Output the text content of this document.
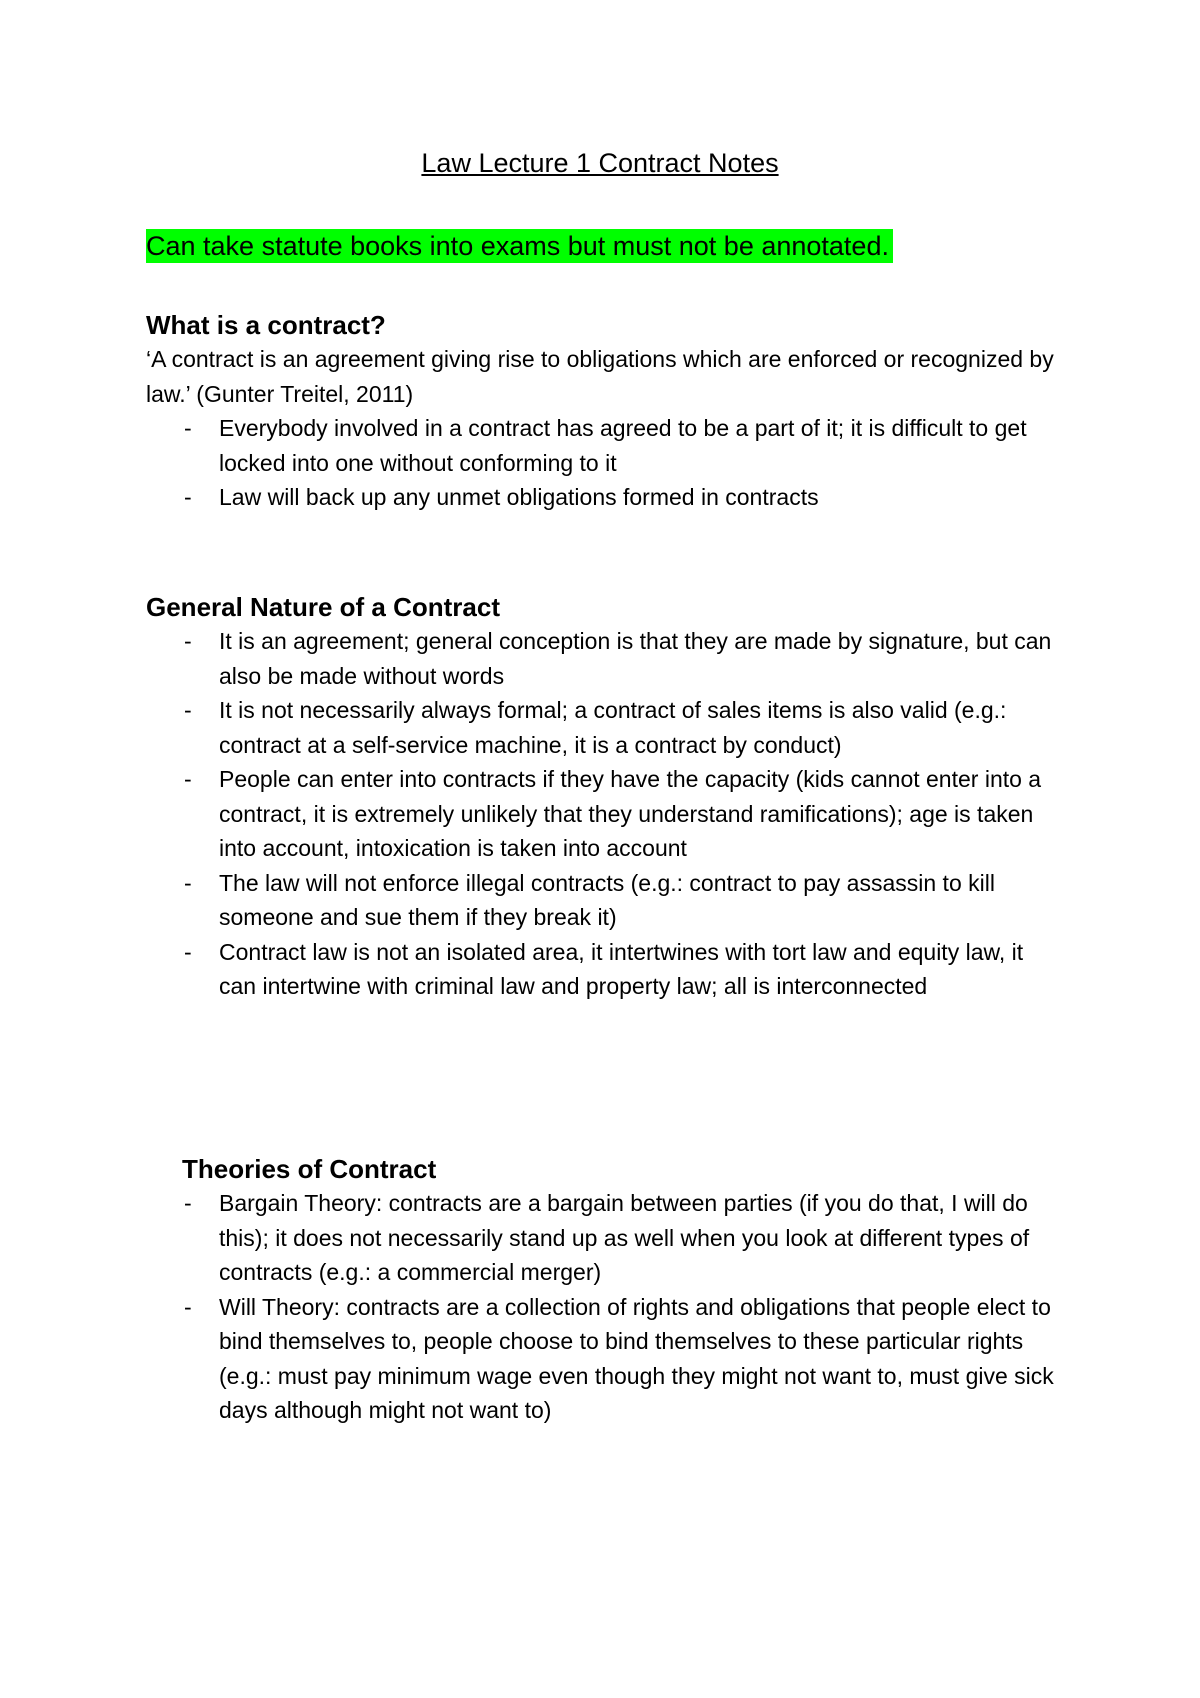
Law Lecture 1 Contract Notes
Can take statute books into exams but must not be annotated.
What is a contract?

‘A contract is an agreement giving rise to obligations which are enforced or recognized by law.’ (Gunter Treitel, 2011)

- Everybody involved in a contract has agreed to be a part of it; it is difficult to get locked into one without conforming to it
- Law will back up any unmet obligations formed in contracts
General Nature of a Contract
- It is an agreement; general conception is that they are made by signature, but can also be made without words
- It is not necessarily always formal; a contract of sales items is also valid (e.g.: contract at a self-service machine, it is a contract by conduct)
- People can enter into contracts if they have the capacity (kids cannot enter into a contract, it is extremely unlikely that they understand ramifications); age is taken into account, intoxication is taken into account
- The law will not enforce illegal contracts (e.g.: contract to pay assassin to kill someone and sue them if they break it)
- Contract law is not an isolated area, it intertwines with tort law and equity law, it can intertwine with criminal law and property law; all is interconnected
Theories of Contract
- Bargain Theory: contracts are a bargain between parties (if you do that, I will do this); it does not necessarily stand up as well when you look at different types of contracts (e.g.: a commercial merger)
- Will Theory: contracts are a collection of rights and obligations that people elect to bind themselves to, people choose to bind themselves to these particular rights (e.g.: must pay minimum wage even though they might not want to, must give sick days although might not want to)
